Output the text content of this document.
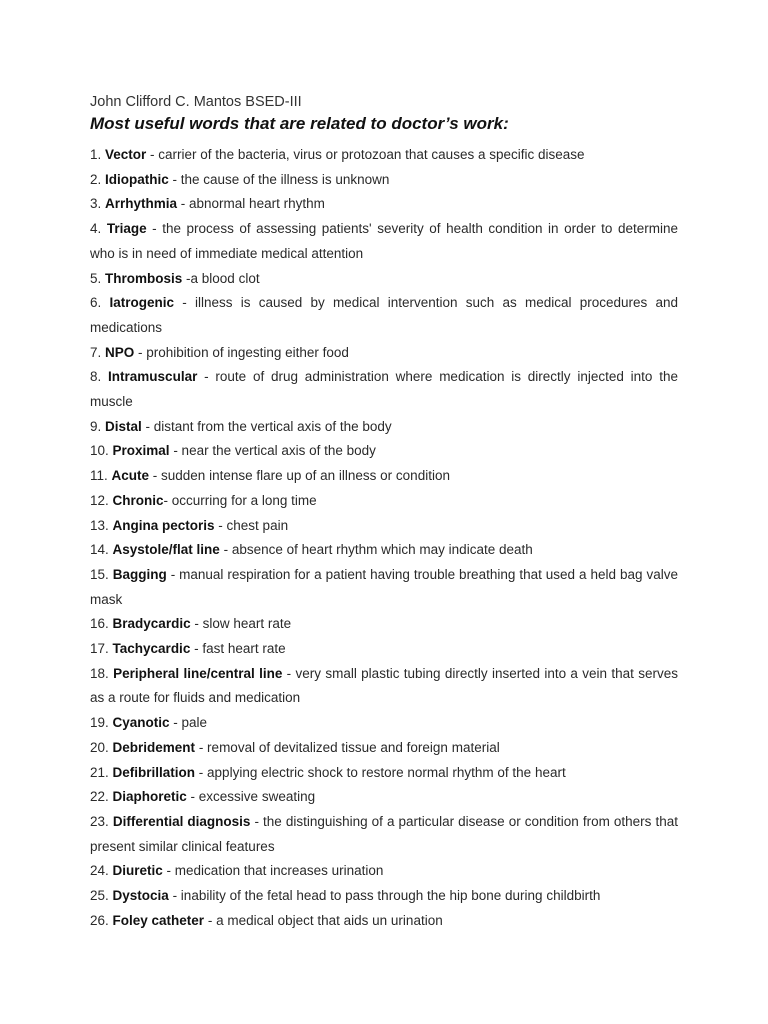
John Clifford C. Mantos BSED-III

Most useful words that are related to doctor’s work:

1. Vector - carrier of the bacteria, virus or protozoan that causes a specific disease
2. Idiopathic - the cause of the illness is unknown
3. Arrhythmia - abnormal heart rhythm
4. Triage - the process of assessing patients' severity of health condition in order to determine who is in need of immediate medical attention
5. Thrombosis -a blood clot
6. Iatrogenic - illness is caused by medical intervention such as medical procedures and medications
7. NPO - prohibition of ingesting either food
8. Intramuscular - route of drug administration where medication is directly injected into the muscle
9. Distal - distant from the vertical axis of the body
10. Proximal - near the vertical axis of the body
11. Acute - sudden intense flare up of an illness or condition
12. Chronic- occurring for a long time
13. Angina pectoris - chest pain
14. Asystole/flat line - absence of heart rhythm which may indicate death
15. Bagging - manual respiration for a patient having trouble breathing that used a held bag valve mask
16. Bradycardic - slow heart rate
17. Tachycardic - fast heart rate
18. Peripheral line/central line - very small plastic tubing directly inserted into a vein that serves as a route for fluids and medication
19. Cyanotic - pale
20. Debridement - removal of devitalized tissue and foreign material
21. Defibrillation - applying electric shock to restore normal rhythm of the heart
22. Diaphoretic - excessive sweating
23. Differential diagnosis - the distinguishing of a particular disease or condition from others that present similar clinical features
24. Diuretic - medication that increases urination
25. Dystocia - inability of the fetal head to pass through the hip bone during childbirth
26. Foley catheter - a medical object that aids un urination
